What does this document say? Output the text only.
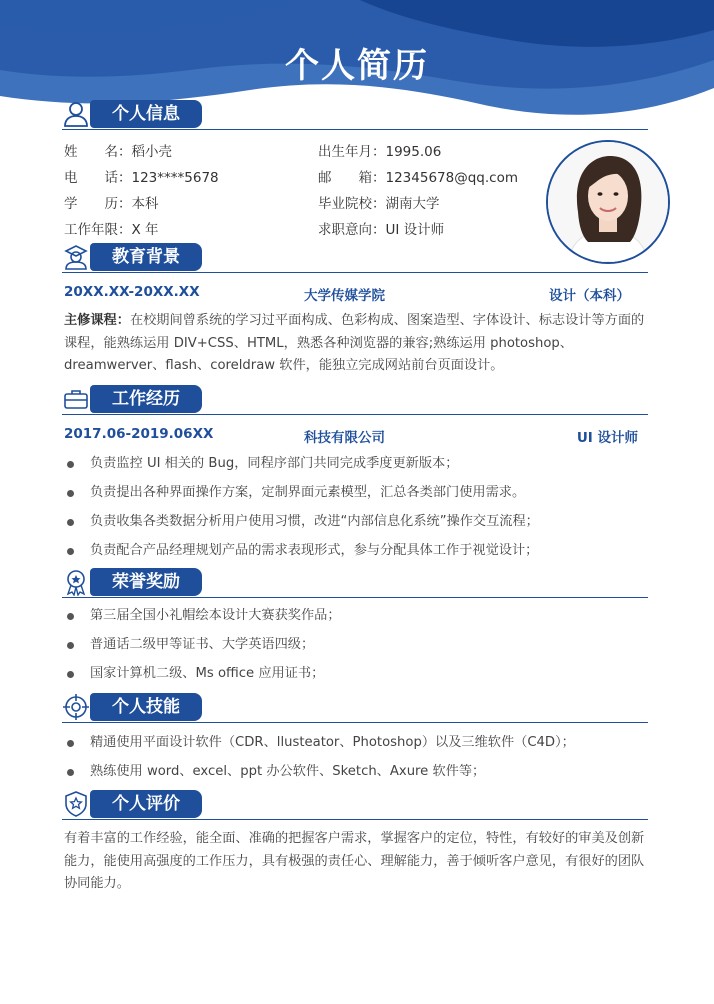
个人简历
个人信息
姓　　名：稻小壳
电　　话：123****5678
学　　历：本科
工作年限：X 年
出生年月：1995.06
邮　　箱：12345678@qq.com
毕业院校：湖南大学
求职意向：UI 设计师
教育背景
20XX.XX-20XX.XX	大学传媒学院	设计（本科）
主修课程：在校期间曾系统的学习过平面构成、色彩构成、图案造型、字体设计、标志设计等方面的课程，能熟练运用 DIV+CSS、HTML，熟悉各种浏览器的兼容;熟练运用 photoshop、dreamwerver、flash、coreldraw 软件，能独立完成网站前台页面设计。
工作经历
2017.06-2019.06XX	科技有限公司	UI 设计师
负责监控 UI 相关的 Bug，同程序部门共同完成季度更新版本；
负责提出各种界面操作方案，定制界面元素模型，汇总各类部门使用需求。
负责收集各类数据分析用户使用习惯，改进“内部信息化系统”操作交互流程；
负责配合产品经理规划产品的需求表现形式，参与分配具体工作于视觉设计；
荣誉奖励
第三届全国小礼帽绘本设计大赛获奖作品；
普通话二级甲等证书、大学英语四级；
国家计算机二级、Ms office 应用证书；
个人技能
精通使用平面设计软件（CDR、llusteator、Photoshop）以及三维软件（C4D）；
熟练使用 word、excel、ppt 办公软件、Sketch、Axure 软件等；
个人评价
有着丰富的工作经验，能全面、准确的把握客户需求，掌握客户的定位，特性，有较好的审美及创新能力，能使用高强度的工作压力，具有极强的责任心、理解能力，善于倾听客户意见，有很好的团队协同能力。
